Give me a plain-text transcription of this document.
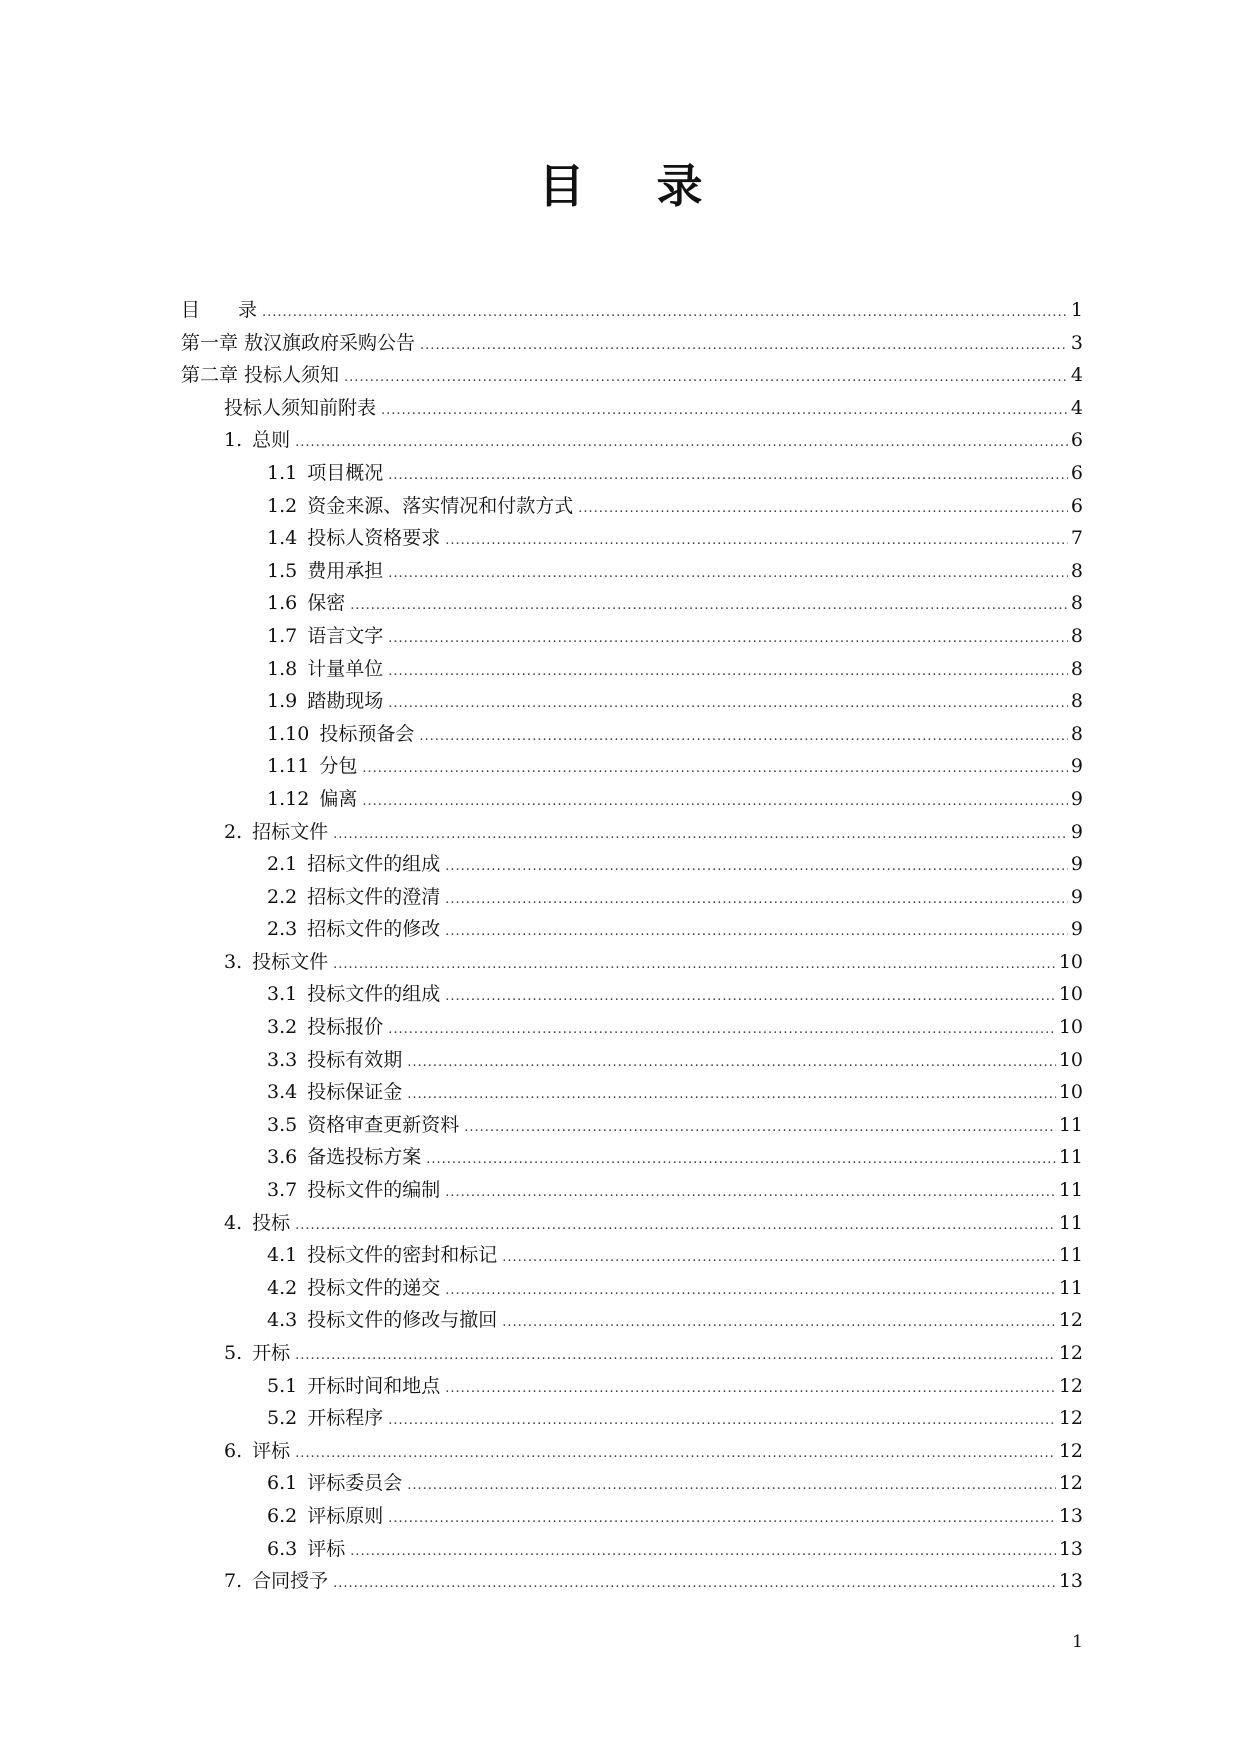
目录
目　　录 .....	1
第一章 敖汉旗政府采购公告 .....	3
第二章 投标人须知 .....	4
投标人须知前附表 .....	4
1. 总则 .....	6
1.1 项目概况 .....	6
1.2 资金来源、落实情况和付款方式 .....	6
1.4 投标人资格要求 .....	7
1.5 费用承担 .....	8
1.6 保密 .....	8
1.7 语言文字 .....	8
1.8 计量单位 .....	8
1.9 踏勘现场 .....	8
1.10 投标预备会 .....	8
1.11 分包 .....	9
1.12 偏离 .....	9
2. 招标文件 .....	9
2.1 招标文件的组成 .....	9
2.2 招标文件的澄清 .....	9
2.3 招标文件的修改 .....	9
3. 投标文件 .....	10
3.1 投标文件的组成 .....	10
3.2 投标报价 .....	10
3.3 投标有效期 .....	10
3.4 投标保证金 .....	10
3.5 资格审查更新资料 .....	11
3.6 备选投标方案 .....	11
3.7 投标文件的编制 .....	11
4. 投标 .....	11
4.1 投标文件的密封和标记 .....	11
4.2 投标文件的递交 .....	11
4.3 投标文件的修改与撤回 .....	12
5. 开标 .....	12
5.1 开标时间和地点 .....	12
5.2 开标程序 .....	12
6. 评标 .....	12
6.1 评标委员会 .....	12
6.2 评标原则 .....	13
6.3 评标 .....	13
7. 合同授予 .....	13
1
